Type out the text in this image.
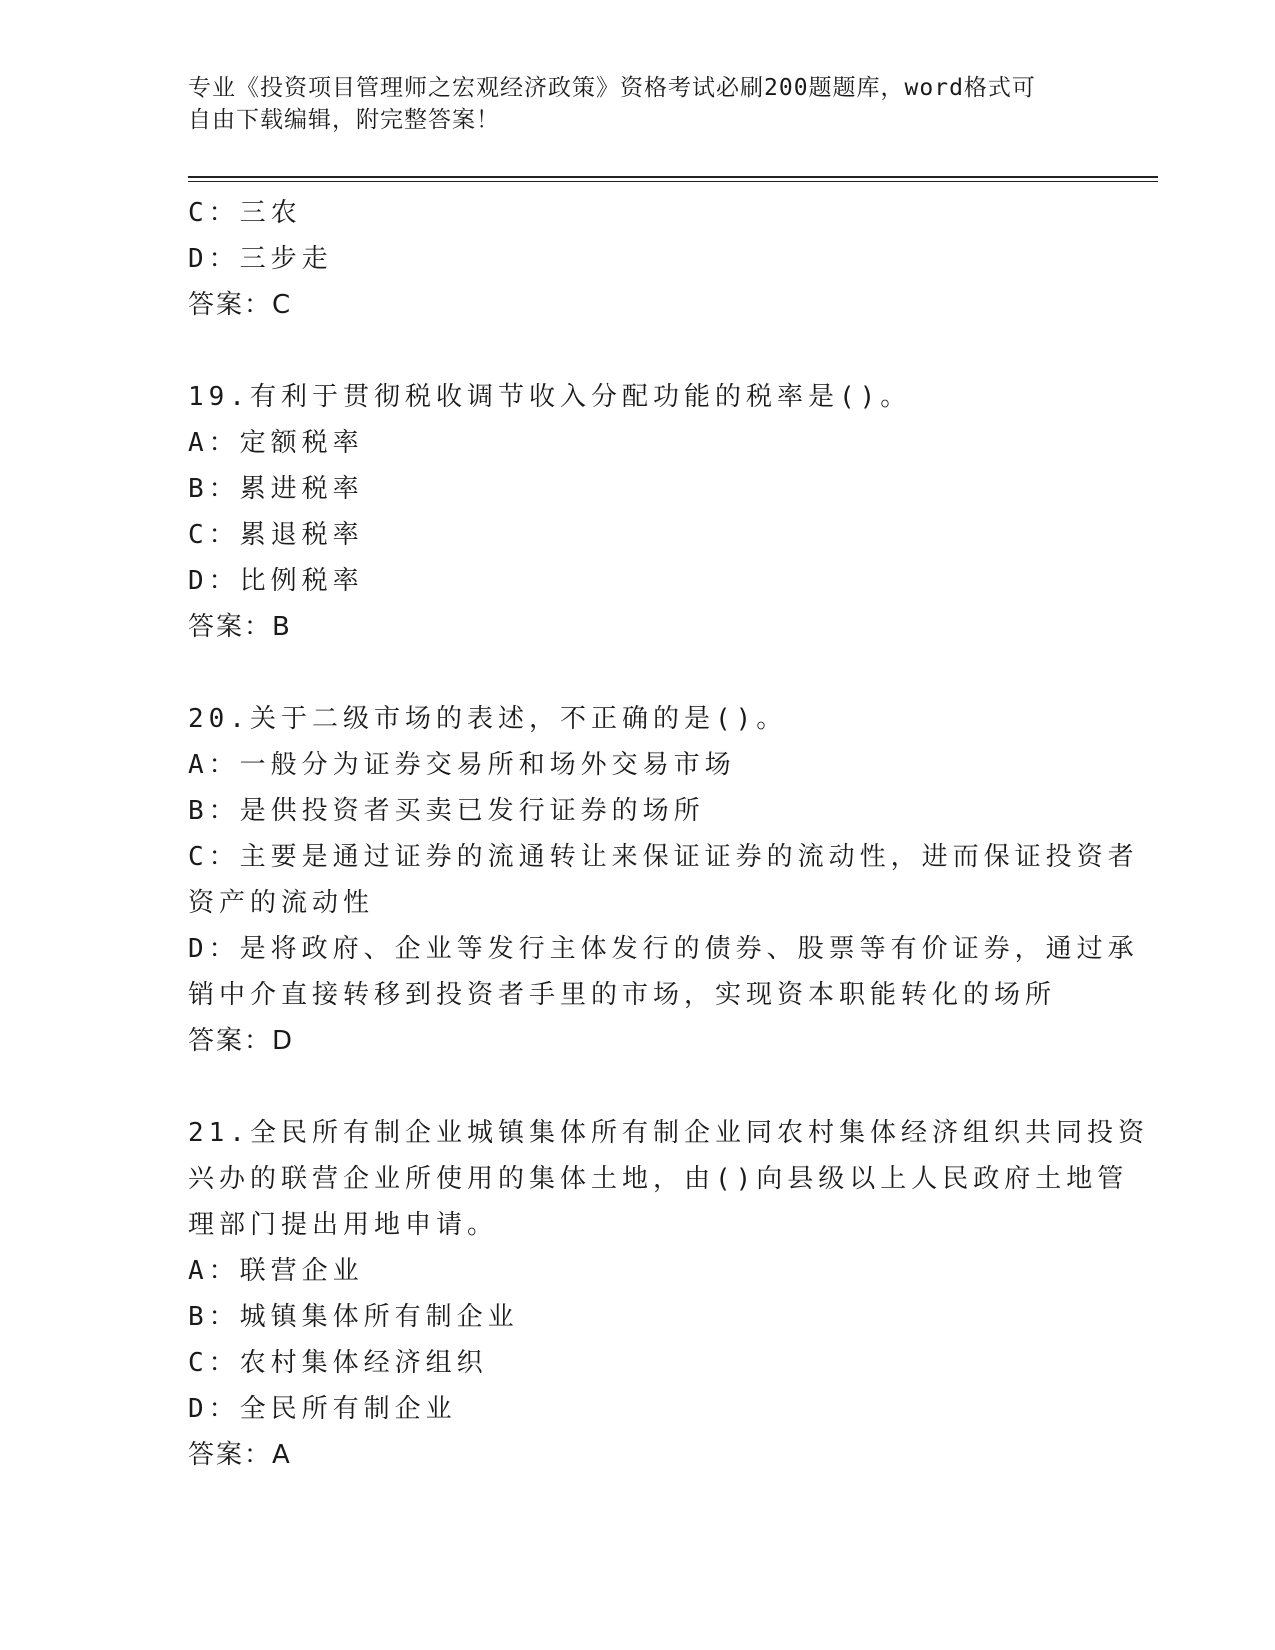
专业《投资项目管理师之宏观经济政策》资格考试必刷200题题库，word格式可
自由下载编辑，附完整答案！
C：三农
D：三步走
答案：C
19.有利于贯彻税收调节收入分配功能的税率是()。
A：定额税率
B：累进税率
C：累退税率
D：比例税率
答案：B
20.关于二级市场的表述，不正确的是()。
A：一般分为证券交易所和场外交易市场
B：是供投资者买卖已发行证券的场所
C：主要是通过证券的流通转让来保证证券的流动性，进而保证投资者
资产的流动性
D：是将政府、企业等发行主体发行的债券、股票等有价证券，通过承
销中介直接转移到投资者手里的市场，实现资本职能转化的场所
答案：D
21.全民所有制企业城镇集体所有制企业同农村集体经济组织共同投资
兴办的联营企业所使用的集体土地，由()向县级以上人民政府土地管
理部门提出用地申请。
A：联营企业
B：城镇集体所有制企业
C：农村集体经济组织
D：全民所有制企业
答案：A
